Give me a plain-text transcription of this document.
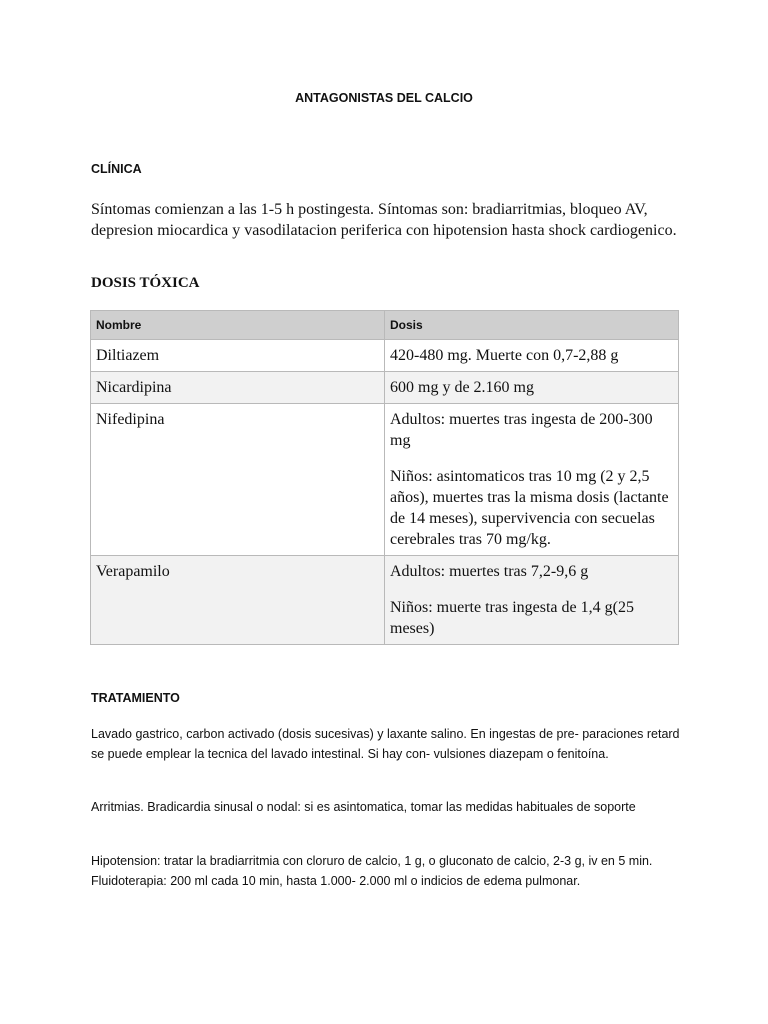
ANTAGONISTAS DEL CALCIO
CLÍNICA

Síntomas comienzan a las 1-5 h postingesta. Síntomas son: bradiarritmias, bloqueo AV, depresion miocardica y vasodilatacion periferica con hipotension hasta shock cardiogenico.

DOSIS TÓXICA
Nombre	Dosis
Diltiazem	420-480 mg. Muerte con 0,7-2,88 g

Nicardipina	600 mg y de 2.160 mg

Nifedipina	Adultos: muertes tras ingesta de 200-300 mg

Niños: asintomaticos tras 10 mg (2 y 2,5 años), muertes tras la misma dosis (lactante de 14 meses), supervivencia con secuelas cerebrales tras 70 mg/kg.

Verapamilo	Adultos: muertes tras 7,2-9,6 g

Niños: muerte tras ingesta de 1,4 g(25 meses)

TRATAMIENTO

Lavado gastrico, carbon activado (dosis sucesivas) y laxante salino. En ingestas de pre- paraciones retard se puede emplear la tecnica del lavado intestinal. Si hay con- vulsiones diazepam o fenitoína.

Arritmias. Bradicardia sinusal o nodal: si es asintomatica, tomar las medidas habituales de soporte

Hipotension: tratar la bradiarritmia con cloruro de calcio, 1 g, o gluconato de calcio, 2-3 g, iv en 5 min. Fluidoterapia: 200 ml cada 10 min, hasta 1.000- 2.000 ml o indicios de edema pulmonar.
